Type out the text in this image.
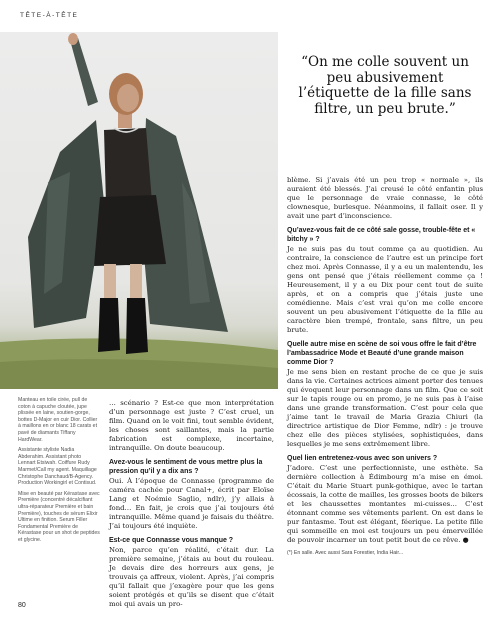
TÊTE-À-TÊTE
“On me colle souvent un peu abusivement l’étiquette de la fille sans filtre, un peu brute.”

Manteau en toile cirée, pull de coton à capuche cloutée, jupe plissée en laine, soutien-gorge, bottes D-Major en cuir Dior. Collier à maillons en or blanc 18 carats et pavé de diamants Tiffany HardWear.

Assistante styliste Nadia Abderahim. Assistant photo Lennart Etsiwah. Coiffure Rudy Marmet/Call my agent. Maquillage Christophe Danchaud/B-Agency. Production Workingirl et Contisud.

Mise en beauté par Kérastase avec Première (concentré décalcifiant ultra-réparateur Première et bain Première), touches de sérum Elixir Ultime en finition. Serum Filler Fondamental Première de Kérastase pour un shot de peptides et glycine.

… scénario ? Est-ce que mon interprétation d’un personnage est juste ? C’est cruel, un film. Quand on le voit fini, tout semble évident, les choses sont saillantes, mais la partie fabrication est complexe, incertaine, intranquille. On doute beaucoup.

Avez-vous le sentiment de vous mettre plus la pression qu’il y a dix ans ?

Oui. À l’époque de Connasse (programme de caméra cachée pour Canal+, écrit par Eloïse Lang et Noémie Saglio, ndlr), j’y allais à fond… En fait, je crois que j’ai toujours été intranquille. Même quand je faisais du théâtre. J’ai toujours été inquiète.

Est-ce que Connasse vous manque ?

Non, parce qu’en réalité, c’était dur. La première semaine, j’étais au bout du rouleau. Je devais dire des horreurs aux gens, je trouvais ça affreux, violent. Après, j’ai compris qu’il fallait que j’exagère pour que les gens soient protégés et qu’ils se disent que c’était moi qui avais un pro-

blème. Si j’avais été un peu trop « normale », ils auraient été blessés. J’ai creusé le côté enfantin plus que le personnage de vraie connasse, le côté clownesque, burlesque. Néanmoins, il fallait oser. Il y avait une part d’inconscience.

Qu’avez-vous fait de ce côté sale gosse, trouble-fête et « bitchy » ?

Je ne suis pas du tout comme ça au quotidien. Au contraire, la conscience de l’autre est un principe fort chez moi. Après Connasse, il y a eu un malentendu, les gens ont pensé que j’étais réellement comme ça ! Heureusement, il y a eu Dix pour cent tout de suite après, et on a compris que j’étais juste une comédienne. Mais c’est vrai qu’on me colle encore souvent un peu abusivement l’étiquette de la fille au caractère bien trempé, frontale, sans filtre, un peu brute.

Quelle autre mise en scène de soi vous offre le fait d’être l’ambassadrice Mode et Beauté d’une grande maison comme Dior ?

Je me sens bien en restant proche de ce que je suis dans la vie. Certaines actrices aiment porter des tenues qui évoquent leur personnage dans un film. Que ce soit sur le tapis rouge ou en promo, je ne suis pas à l’aise dans une grande transformation. C’est pour cela que j’aime tant le travail de Maria Grazia Chiuri (la directrice artistique de Dior Femme, ndlr) : je trouve chez elle des pièces stylisées, sophistiquées, dans lesquelles je me sens extrêmement libre.

Quel lien entretenez-vous avec son univers ?

J’adore. C’est une perfectionniste, une esthète. Sa dernière collection à Édimbourg m’a mise en émoi. C’était du Marie Stuart punk-gothique, avec le tartan écossais, la cotte de mailles, les grosses boots de bikers et les chaussettes montantes mi-cuisses… C’est étonnant comme ses vêtements parlent. On est dans le pur fantasme. Tout est élégant, féerique. La petite fille qui sommeille en moi est toujours un peu émerveillée de pouvoir incarner un tout petit bout de ce rêve. ●

(*) En salle. Avec aussi Sara Forestier, India Hair...
80
